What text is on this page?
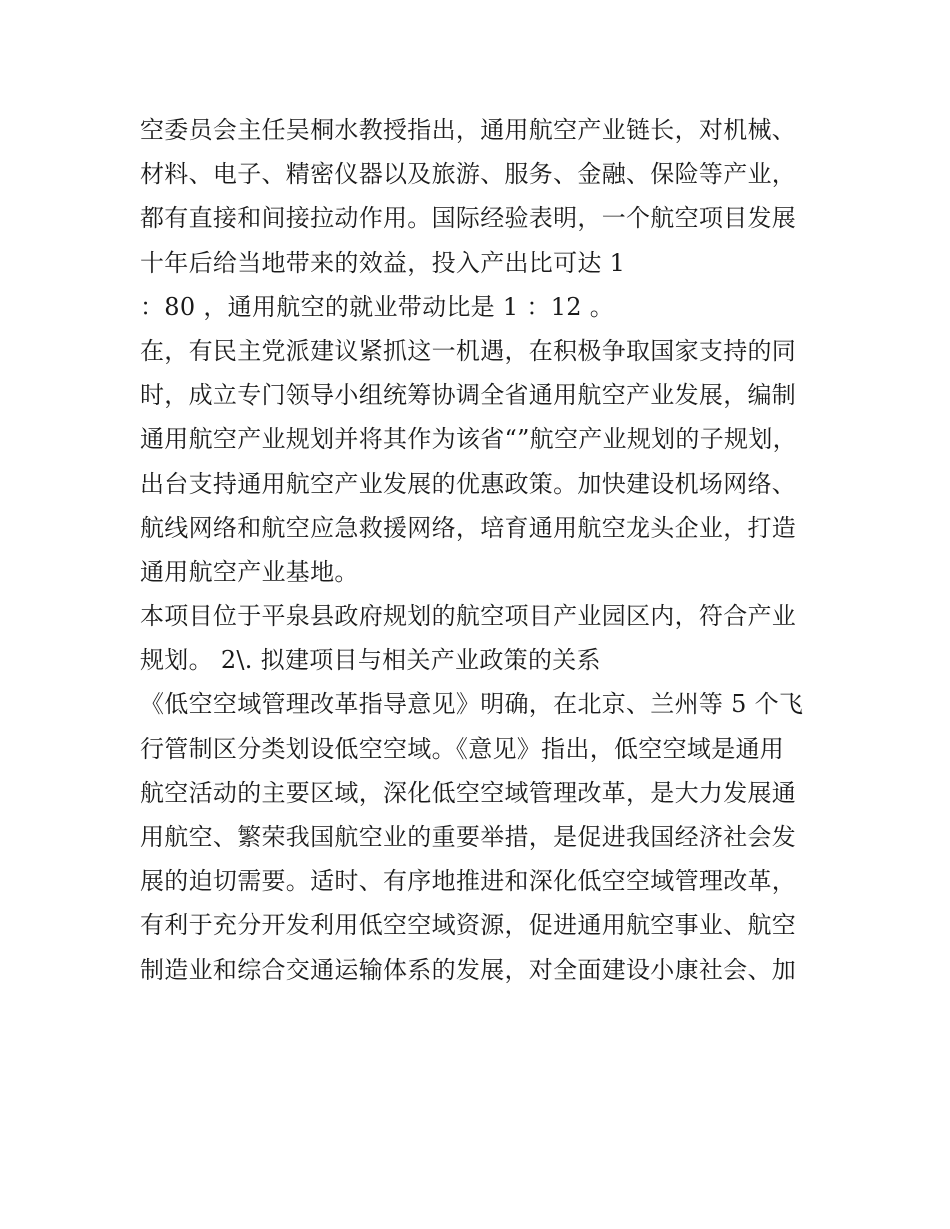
空委员会主任吴桐水教授指出，通用航空产业链长，对机械、
材料、电子、精密仪器以及旅游、服务、金融、保险等产业，
都有直接和间接拉动作用。国际经验表明，一个航空项目发展
十年后给当地带来的效益，投入产出比可达 1
：80 ，通用航空的就业带动比是 1 ：12 。
在，有民主党派建议紧抓这一机遇，在积极争取国家支持的同
时，成立专门领导小组统筹协调全省通用航空产业发展，编制
通用航空产业规划并将其作为该省“”航空产业规划的子规划，
出台支持通用航空产业发展的优惠政策。加快建设机场网络、
航线网络和航空应急救援网络，培育通用航空龙头企业，打造
通用航空产业基地。
本项目位于平泉县政府规划的航空项目产业园区内，符合产业
规划。 2\. 拟建项目与相关产业政策的关系
《低空空域管理改革指导意见》明确，在北京、兰州等 5 个飞
行管制区分类划设低空空域。《意见》指出，低空空域是通用
航空活动的主要区域，深化低空空域管理改革，是大力发展通
用航空、繁荣我国航空业的重要举措，是促进我国经济社会发
展的迫切需要。适时、有序地推进和深化低空空域管理改革，
有利于充分开发利用低空空域资源，促进通用航空事业、航空
制造业和综合交通运输体系的发展，对全面建设小康社会、加
